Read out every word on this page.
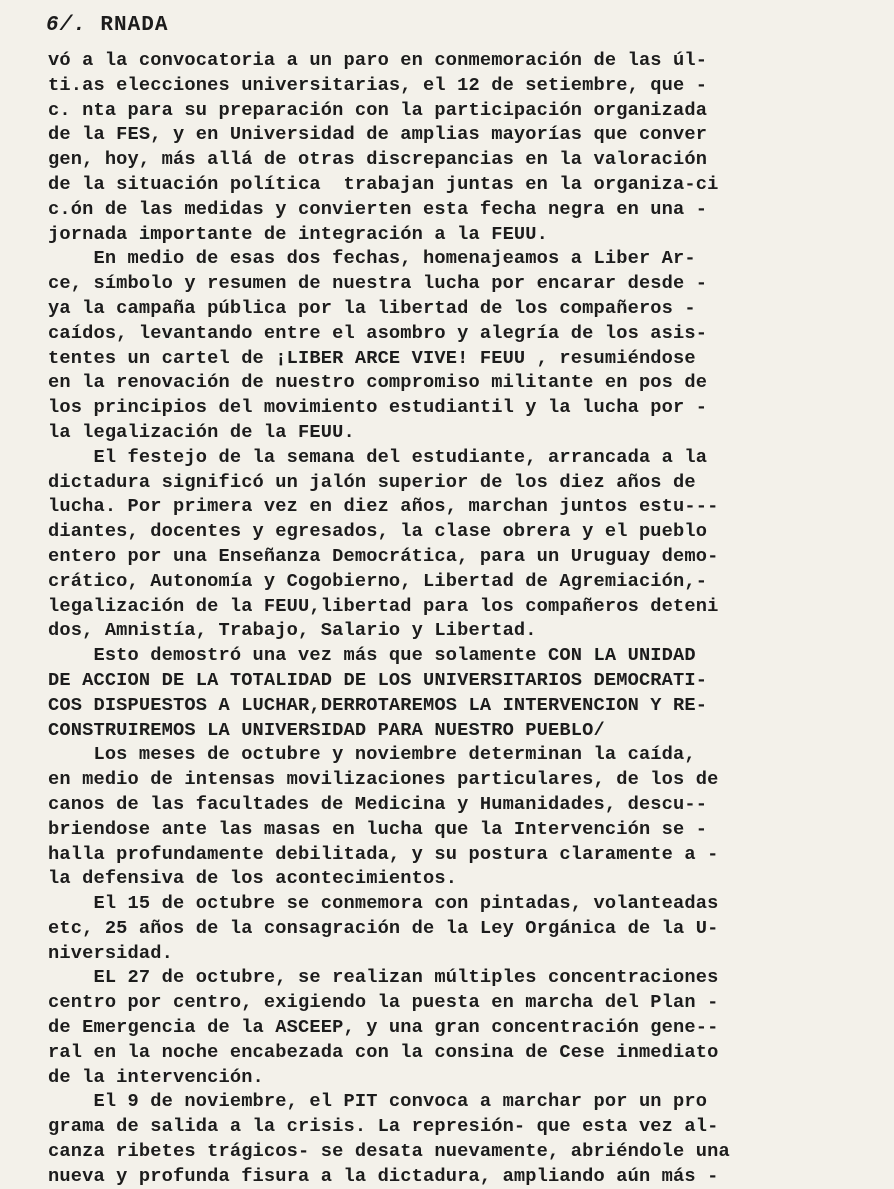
6/. RNADA
vó a la convocatoria a un paro en conmemoración de las úl-
ti.as elecciones universitarias, el 12 de setiembre, que -
c. nta para su preparación con la participación organizada
de la FES, y en Universidad de amplias mayorías que conver
gen, hoy, más allá de otras discrepancias en la valoración
de la situación política  trabajan juntas en la organiza-ci
c.ón de las medidas y convierten esta fecha negra en una -
jornada importante de integración a la FEUU.
En medio de esas dos fechas, homenajeamos a Liber Ar-
ce, símbolo y resumen de nuestra lucha por encarar desde -
ya la campaña pública por la libertad de los compañeros -
caídos, levantando entre el asombro y alegría de los asis-
tentes un cartel de ¡LIBER ARCE VIVE! FEUU , resumiéndose
en la renovación de nuestro compromiso militante en pos de
los principios del movimiento estudiantil y la lucha por -
la legalización de la FEUU.
El festejo de la semana del estudiante, arrancada a la
dictadura significó un jalón superior de los diez años de
lucha. Por primera vez en diez años, marchan juntos estu---
diantes, docentes y egresados, la clase obrera y el pueblo
entero por una Enseñanza Democrática, para un Uruguay demo-
crático, Autonomía y Cogobierno, Libertad de Agremiación,-
legalización de la FEUU,libertad para los compañeros deteni
dos, Amnistía, Trabajo, Salario y Libertad.
Esto demostró una vez más que solamente CON LA UNIDAD
DE ACCION DE LA TOTALIDAD DE LOS UNIVERSITARIOS DEMOCRATI-
COS DISPUESTOS A LUCHAR,DERROTAREMOS LA INTERVENCION Y RE-
CONSTRUIREMOS LA UNIVERSIDAD PARA NUESTRO PUEBLO/
Los meses de octubre y noviembre determinan la caída,
en medio de intensas movilizaciones particulares, de los de
canos de las facultades de Medicina y Humanidades, descu--
briendose ante las masas en lucha que la Intervención se -
halla profundamente debilitada, y su postura claramente a -
la defensiva de los acontecimientos.
El 15 de octubre se conmemora con pintadas, volanteadas
etc, 25 años de la consagración de la Ley Orgánica de la U-
niversidad.
EL 27 de octubre, se realizan múltiples concentraciones
centro por centro, exigiendo la puesta en marcha del Plan -
de Emergencia de la ASCEEP, y una gran concentración gene--
ral en la noche encabezada con la consina de Cese inmediato
de la intervención.
El 9 de noviembre, el PIT convoca a marchar por un pro
grama de salida a la crisis. La represión- que esta vez al-
canza ribetes trágicos- se desata nuevamente, abriéndole una
nueva y profunda fisura a la dictadura, ampliando aún más -
